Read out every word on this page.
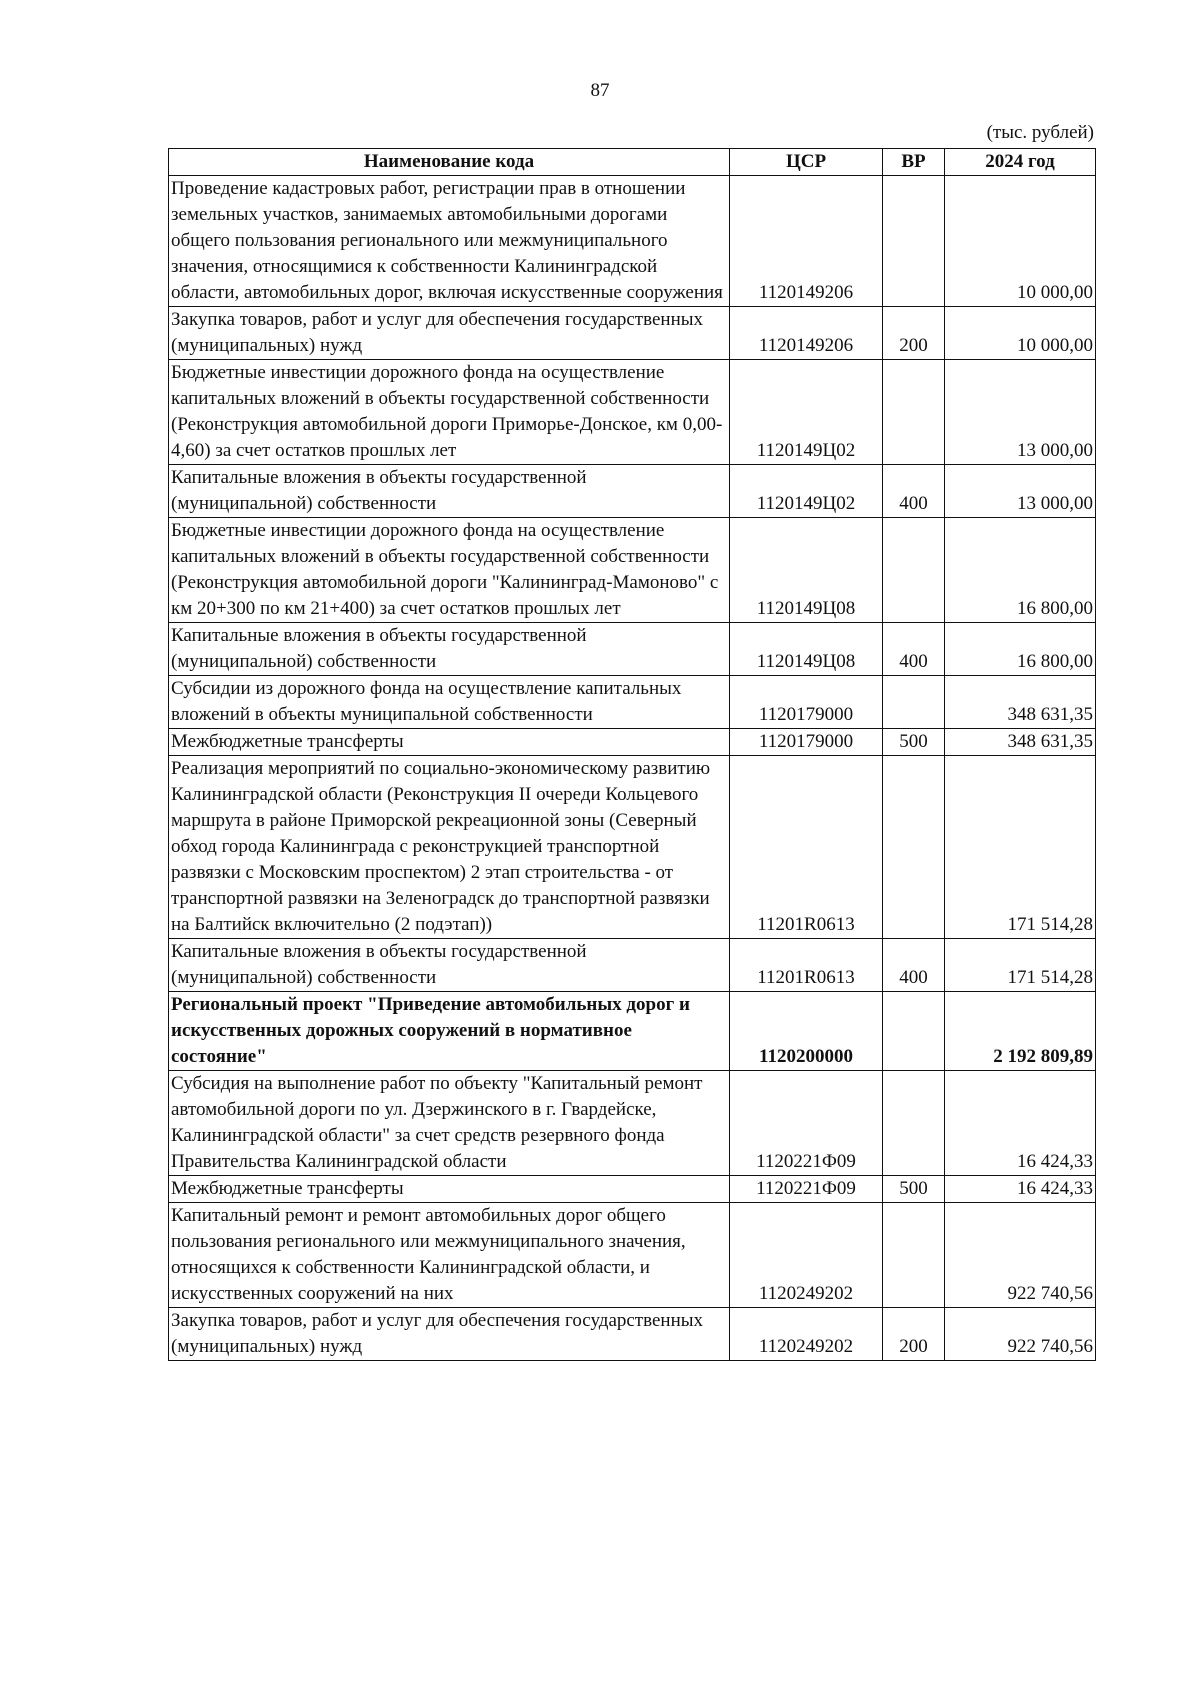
87
(тыс. рублей)
Наименование кода	ЦСР	ВР	2024 год
Проведение кадастровых работ, регистрации прав в отношении земельных участков, занимаемых автомобильными дорогами общего пользования регионального или межмуниципального значения, относящимися к собственности Калининградской области, автомобильных дорог, включая искусственные сооружения	1120149206		10 000,00
Закупка товаров, работ и услуг для обеспечения государственных (муниципальных) нужд	1120149206	200	10 000,00
Бюджетные инвестиции дорожного фонда на осуществление капитальных вложений в объекты государственной собственности (Реконструкция автомобильной дороги Приморье-Донское, км 0,00-4,60) за счет остатков прошлых лет	1120149Ц02		13 000,00
Капитальные вложения в объекты государственной (муниципальной) собственности	1120149Ц02	400	13 000,00
Бюджетные инвестиции дорожного фонда на осуществление капитальных вложений в объекты государственной собственности (Реконструкция автомобильной дороги "Калининград-Мамоново" с км 20+300 по км 21+400) за счет остатков прошлых лет	1120149Ц08		16 800,00
Капитальные вложения в объекты государственной (муниципальной) собственности	1120149Ц08	400	16 800,00
Субсидии из дорожного фонда на осуществление капитальных вложений в объекты муниципальной собственности	1120179000		348 631,35
Межбюджетные трансферты	1120179000	500	348 631,35
Реализация мероприятий по социально-экономическому развитию Калининградской области (Реконструкция II очереди Кольцевого маршрута в районе Приморской рекреационной зоны (Северный обход города Калининграда с реконструкцией транспортной развязки с Московским проспектом) 2 этап строительства - от транспортной развязки на Зеленоградск до транспортной развязки на Балтийск включительно (2 подэтап))	11201R0613		171 514,28
Капитальные вложения в объекты государственной (муниципальной) собственности	11201R0613	400	171 514,28
Региональный проект "Приведение автомобильных дорог и искусственных дорожных сооружений в нормативное состояние"	1120200000		2 192 809,89
Субсидия на выполнение работ по объекту "Капитальный ремонт автомобильной дороги по ул. Дзержинского в г. Гвардейске, Калининградской области" за счет средств резервного фонда Правительства Калининградской области	1120221Ф09		16 424,33
Межбюджетные трансферты	1120221Ф09	500	16 424,33
Капитальный ремонт и ремонт автомобильных дорог общего пользования регионального или межмуниципального значения, относящихся к собственности Калининградской области, и искусственных сооружений на них	1120249202		922 740,56
Закупка товаров, работ и услуг для обеспечения государственных (муниципальных) нужд	1120249202	200	922 740,56
